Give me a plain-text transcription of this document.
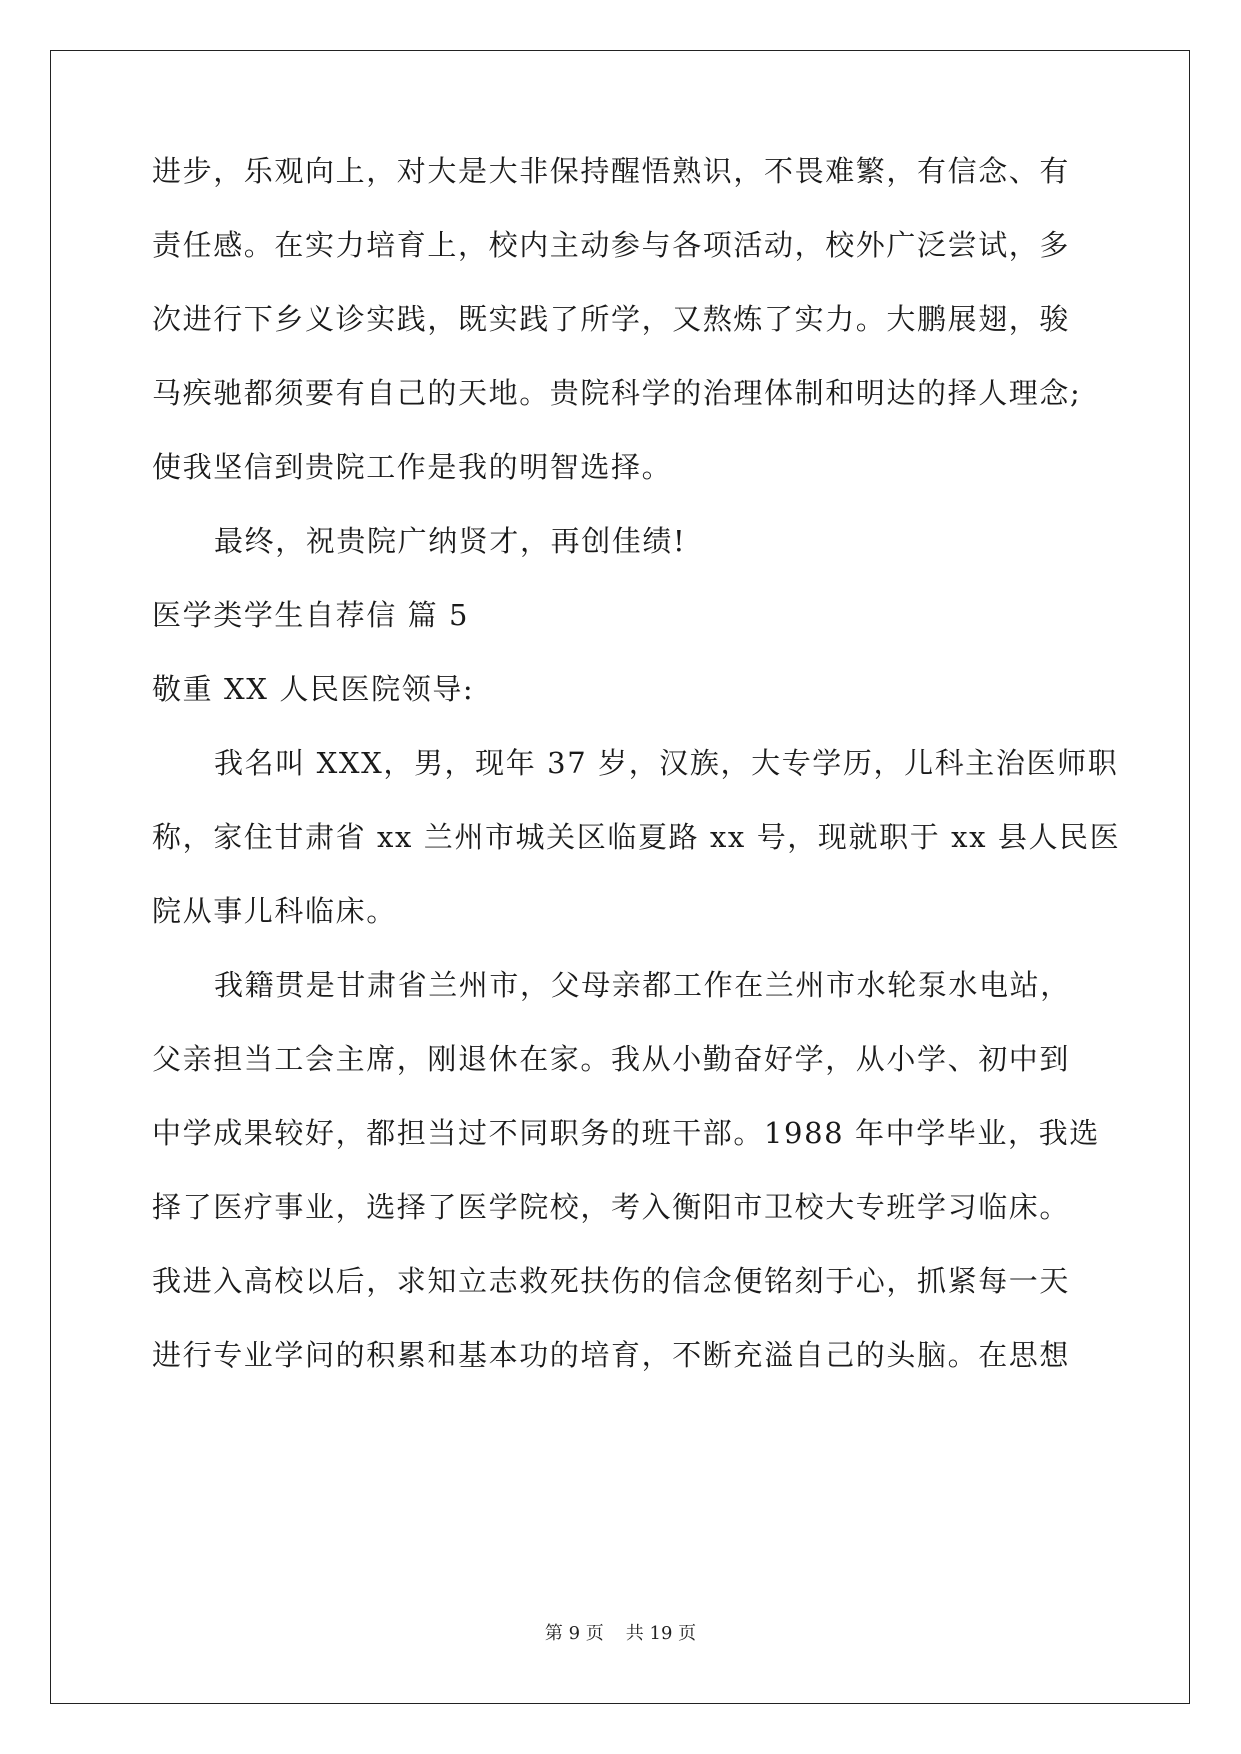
进步，乐观向上，对大是大非保持醒悟熟识，不畏难繁，有信念、有
责任感。在实力培育上，校内主动参与各项活动，校外广泛尝试，多
次进行下乡义诊实践，既实践了所学，又熬炼了实力。大鹏展翅，骏
马疾驰都须要有自己的天地。贵院科学的治理体制和明达的择人理念;
使我坚信到贵院工作是我的明智选择。
最终，祝贵院广纳贤才，再创佳绩!
医学类学生自荐信 篇 5
敬重 XX 人民医院领导:
我名叫 XXX，男，现年 37 岁，汉族，大专学历，儿科主治医师职
称，家住甘肃省 xx 兰州市城关区临夏路 xx 号，现就职于 xx 县人民医
院从事儿科临床。
我籍贯是甘肃省兰州市，父母亲都工作在兰州市水轮泵水电站，
父亲担当工会主席，刚退休在家。我从小勤奋好学，从小学、初中到
中学成果较好，都担当过不同职务的班干部。1988 年中学毕业，我选
择了医疗事业，选择了医学院校，考入衡阳市卫校大专班学习临床。
我进入高校以后，求知立志救死扶伤的信念便铭刻于心，抓紧每一天
进行专业学问的积累和基本功的培育，不断充溢自己的头脑。在思想
第 9 页 共 19 页
